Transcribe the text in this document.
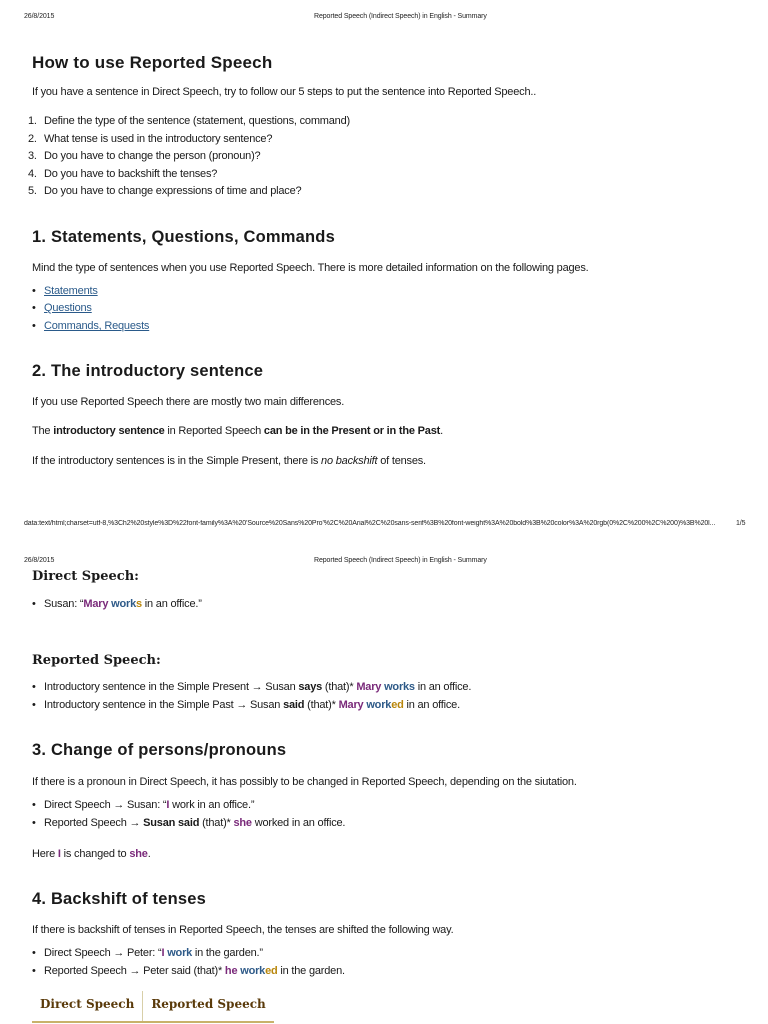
26/8/2015	Reported Speech (Indirect Speech) in English - Summary
How to use Reported Speech
If you have a sentence in Direct Speech, try to follow our 5 steps to put the sentence into Reported Speech..
1. Define the type of the sentence (statement, questions, command)
2. What tense is used in the introductory sentence?
3. Do you have to change the person (pronoun)?
4. Do you have to backshift the tenses?
5. Do you have to change expressions of time and place?
1. Statements, Questions, Commands
Mind the type of sentences when you use Reported Speech. There is more detailed information on the following pages.
• Statements
• Questions
• Commands, Requests
2. The introductory sentence
If you use Reported Speech there are mostly two main differences.
The introductory sentence in Reported Speech can be in the Present or in the Past.
If the introductory sentences is in the Simple Present, there is no backshift of tenses.
data:text/html;charset=utf-8,%3Ch2%20style%3D%22font-family%3A%20'Source%20Sans%20Pro'%2C%20Arial%2C%20sans-serif%3B%20font-weight%3A%20bold%3B%20color%3A%20rgb(0%2C%200%2C%200)%3B%20l...	1/5
26/8/2015	Reported Speech (Indirect Speech) in English - Summary
Direct Speech:
• Susan: “Mary works in an office.”
Reported Speech:
• Introductory sentence in the Simple Present → Susan says (that)* Mary works in an office.
• Introductory sentence in the Simple Past → Susan said (that)* Mary worked in an office.
3. Change of persons/pronouns
If there is a pronoun in Direct Speech, it has possibly to be changed in Reported Speech, depending on the siutation.
• Direct Speech → Susan: “I work in an office.”
• Reported Speech → Susan said (that)* she worked in an office.
Here I is changed to she.
4. Backshift of tenses
If there is backshift of tenses in Reported Speech, the tenses are shifted the following way.
• Direct Speech → Peter: “I work in the garden.”
• Reported Speech → Peter said (that)* he worked in the garden.
Direct Speech	Reported Speech
